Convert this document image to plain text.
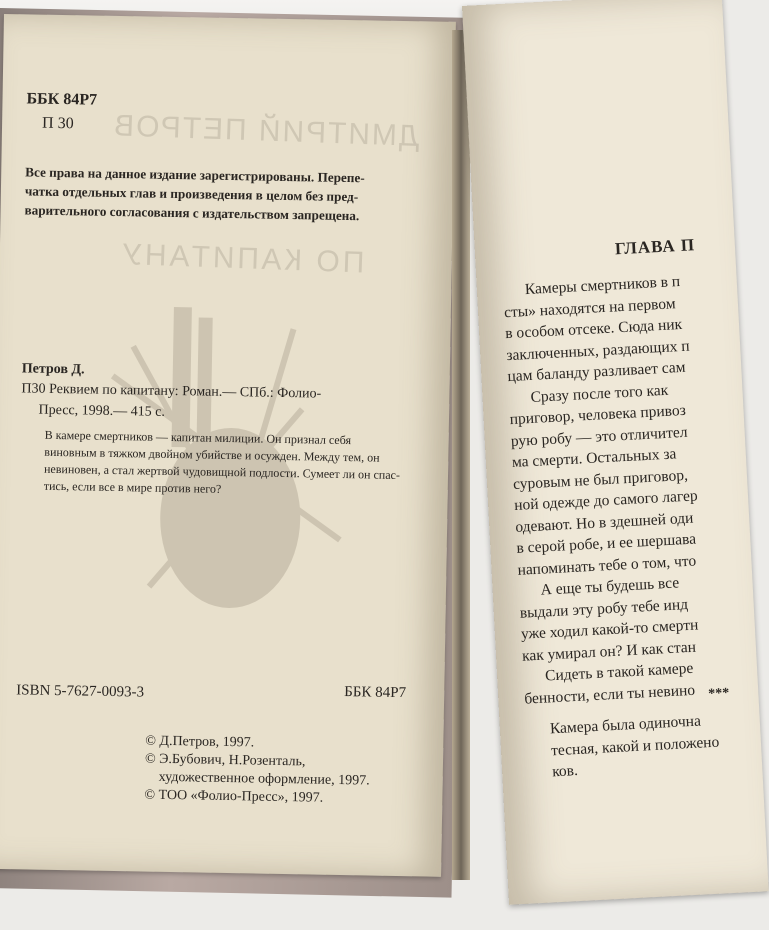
ДМИТРИЙ ПЕТРОВ
ПО КАПИТАНУ
ББК 84Р7
П 30
Все права на данное издание зарегистрированы. Перепе-
чатка отдельных глав и произведения в целом без пред-
варительного согласования с издательством запрещена.
Петров Д.
П30 Реквием по капитану: Роман.— СПб.: Фолио-
Пресс, 1998.— 415 с.
В камере смертников — капитан милиции. Он признал себя
виновным в тяжком двойном убийстве и осужден. Между тем, он
невиновен, а стал жертвой чудовищной подлости. Сумеет ли он спас-
тись, если все в мире против него?
ISBN 5-7627-0093-3	ББК 84Р7
© Д.Петров, 1997.
© Э.Бубович, Н.Розенталь,
художественное оформление, 1997.
© ТОО «Фолио-Пресс», 1997.
ГЛАВА П
Камеры смертников в п
сты» находятся на первом
в особом отсеке. Сюда ник
заключенных, раздающих п
цам баланду разливает сам
Сразу после того как
приговор, человека привоз
рую робу — это отличител
ма смерти. Остальных за
суровым не был приговор,
ной одежде до самого лагер
одевают. Но в здешней оди
в серой робе, и ее шершава
напоминать тебе о том, что
А еще ты будешь все
выдали эту робу тебе инд
уже ходил какой-то смертн
как умирал он? И как стан
Сидеть в такой камере
бенности, если ты невино ***
Камера была одиночна
тесная, какой и положено
ков.
